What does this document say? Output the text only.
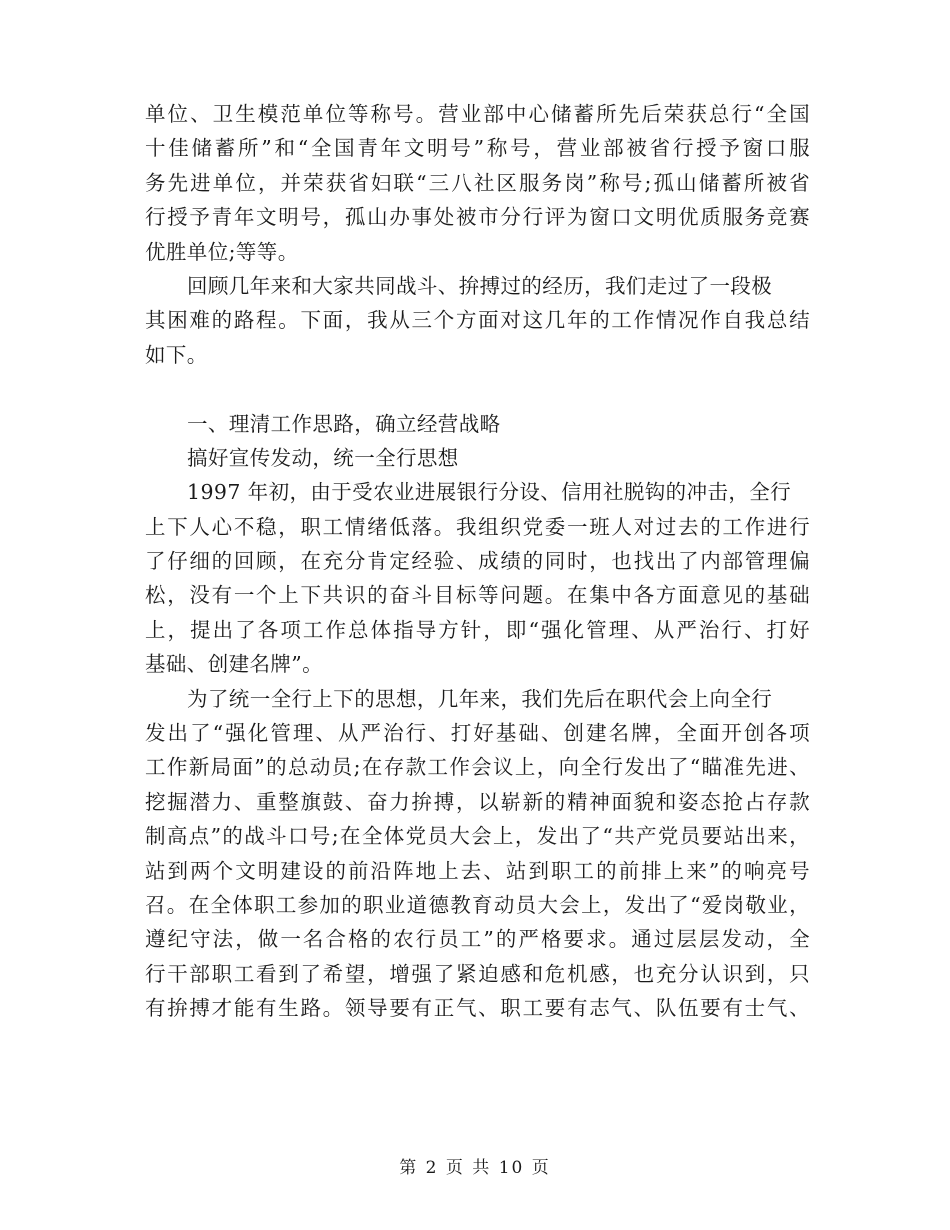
单位、卫生模范单位等称号。营业部中心储蓄所先后荣获总行“全国
十佳储蓄所”和“全国青年文明号”称号，营业部被省行授予窗口服
务先进单位，并荣获省妇联“三八社区服务岗”称号;孤山储蓄所被省
行授予青年文明号，孤山办事处被市分行评为窗口文明优质服务竞赛
优胜单位;等等。
回顾几年来和大家共同战斗、拚搏过的经历，我们走过了一段极
其困难的路程。下面，我从三个方面对这几年的工作情况作自我总结
如下。
一、理清工作思路，确立经营战略
搞好宣传发动，统一全行思想
1997 年初，由于受农业进展银行分设、信用社脱钩的冲击，全行
上下人心不稳，职工情绪低落。我组织党委一班人对过去的工作进行
了仔细的回顾，在充分肯定经验、成绩的同时，也找出了内部管理偏
松，没有一个上下共识的奋斗目标等问题。在集中各方面意见的基础
上，提出了各项工作总体指导方针，即“强化管理、从严治行、打好
基础、创建名牌”。
为了统一全行上下的思想，几年来，我们先后在职代会上向全行
发出了“强化管理、从严治行、打好基础、创建名牌，全面开创各项
工作新局面”的总动员;在存款工作会议上，向全行发出了“瞄准先进、
挖掘潜力、重整旗鼓、奋力拚搏，以崭新的精神面貌和姿态抢占存款
制高点”的战斗口号;在全体党员大会上，发出了“共产党员要站出来，
站到两个文明建设的前沿阵地上去、站到职工的前排上来”的响亮号
召。在全体职工参加的职业道德教育动员大会上，发出了“爱岗敬业，
遵纪守法，做一名合格的农行员工”的严格要求。通过层层发动，全
行干部职工看到了希望，增强了紧迫感和危机感，也充分认识到，只
有拚搏才能有生路。领导要有正气、职工要有志气、队伍要有士气、
第 2 页 共 10 页
